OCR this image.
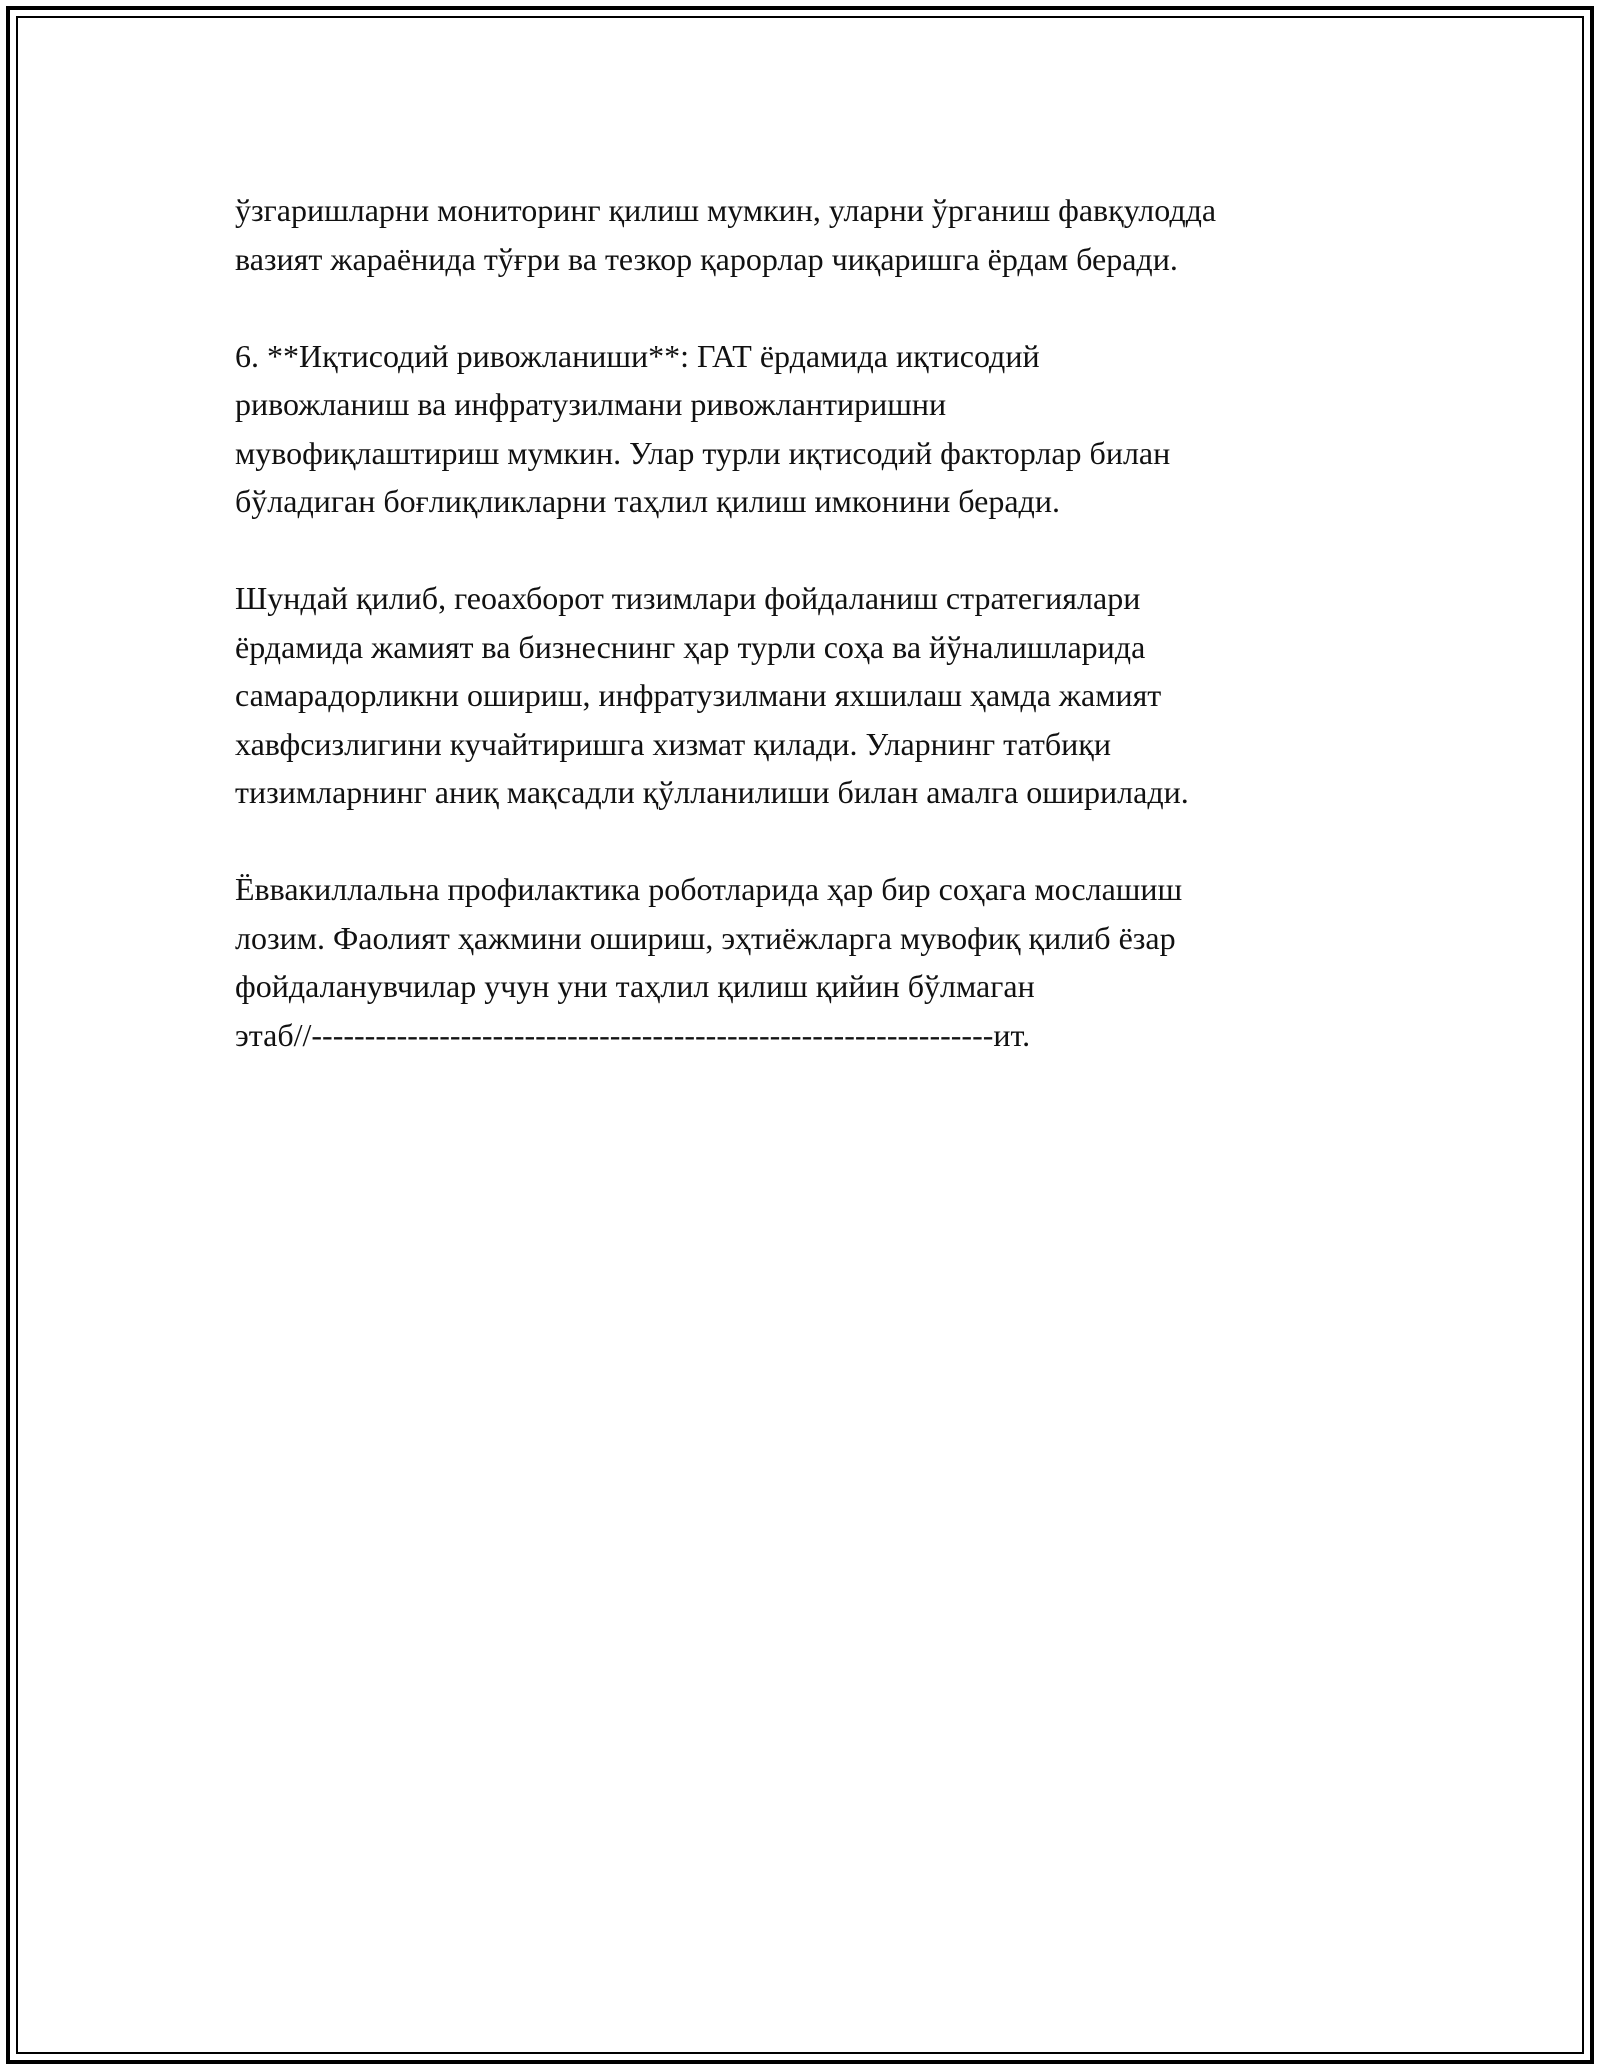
ўзгаришларни мониторинг қилиш мумкин, уларни ўрганиш фавқулодда
вазият жараёнида тўғри ва тезкор қарорлар чиқаришга ёрдам беради.

6. **Иқтисодий ривожланиши**: ГАТ ёрдамида иқтисодий
ривожланиш ва инфратузилмани ривожлантиришни
мувофиқлаштириш мумкин. Улар турли иқтисодий факторлар билан
бўладиган боғлиқликларни таҳлил қилиш имконини беради.

Шундай қилиб, геоахборот тизимлари фойдаланиш стратегиялари
ёрдамида жамият ва бизнеснинг ҳар турли соҳа ва йўналишларида
самарадорликни ошириш, инфратузилмани яхшилаш ҳамда жамият
хавфсизлигини кучайтиришга хизмат қилади. Уларнинг татбиқи
тизимларнинг аниқ мақсадли қўлланилиши билан амалга оширилади.

Ёввакиллальна профилактика роботларида ҳар бир соҳага мослашиш
лозим. Фаолият ҳажмини ошириш, эҳтиёжларга мувофиқ қилиб ёзар
фойдаланувчилар учун уни таҳлил қилиш қийин бўлмаган
этаб//----------------------------------------------------------------ит.
